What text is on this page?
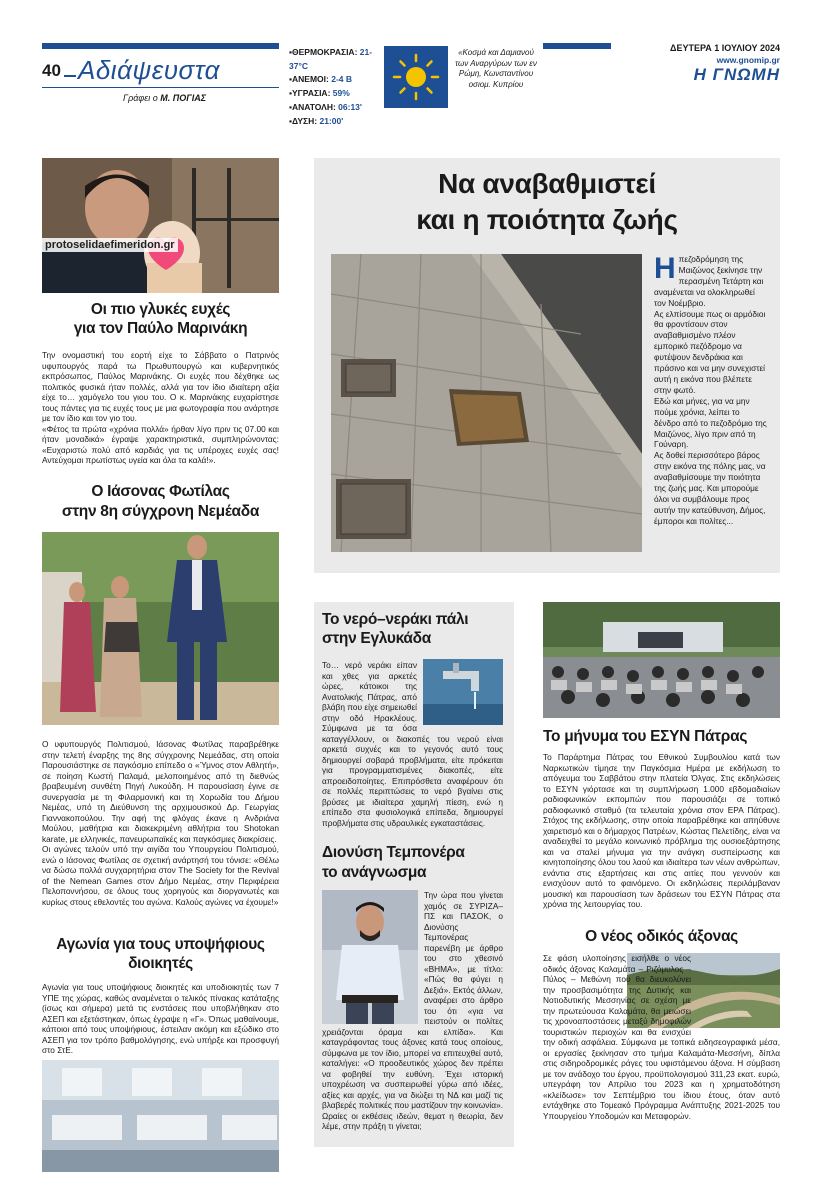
40 Αδιάψευστα
Γράφει ο Μ. ΠΟΓΙΑΣ
▪ΘΕΡΜΟΚΡΑΣΙΑ: 21-37°C
▪ΑΝΕΜΟΙ: 2-4 B
▪ΥΓΡΑΣΙΑ: 59%
▪ΑΝΑΤΟΛΗ: 06:13'
▪ΔΥΣΗ: 21:00'
«Κοσμά και Δαμιανού των Αναργύρων των εν Ρώμη, Κωνσταντίνου οσιομ. Κυπρίου
ΔΕΥΤΕΡΑ 1 ΙΟΥΛΙΟΥ 2024
www.gnomip.gr
Η ΓΝΩΜΗ
protoselidaefimeridon.gr
Οι πιο γλυκές ευχές
για τον Παύλο Μαρινάκη

Την ονομαστική του εορτή είχε το Σάββατο ο Πατρινός υφυπουργός παρά τω Πρωθυπουργώ και κυβερνητικός εκπρόσωπος, Παύλος Μαρινάκης. Οι ευχές που δέχθηκε ως πολιτικός φυσικά ήταν πολλές, αλλά για τον ίδιο ιδιαίτερη αξία είχε το… χαμόγελο του γιου του. Ο κ. Μαρινάκης ευχαρίστησε τους πάντες για τις ευχές τους με μια φωτογραφία που ανάρτησε με τον ίδιο και τον γιο του.

«Φέτος τα πρώτα «χρόνια πολλά» ήρθαν λίγο πριν τις 07.00 και ήταν μοναδικά» έγραψε χαρακτηριστικά, συμπληρώνοντας: «Ευχαριστώ πολύ από καρδιάς για τις υπέροχες ευχές σας! Αντεύχομαι πρωτίστως υγεία και όλα τα καλά!».

Ο Ιάσονας Φωτίλας
στην 8η σύγχρονη Νεμέαδα

Ο υφυπουργός Πολιτισμού, Ιάσονας Φωτίλας παραβρέθηκε στην τελετή έναρξης της 8ης σύγχρονης Νεμεάδας, στη οποία Παρουσιάστηκε σε παγκόσμιο επίπεδο ο «Ύμνος στον Αθλητή», σε ποίηση Κωστή Παλαμά, μελοποιημένος από τη διεθνώς βραβευμένη συνθέτη Πηγή Λυκούδη. Η παρουσίαση έγινε σε συνεργασία με τη Φιλαρμονική και τη Χορωδία του Δήμου Νεμέας, υπό τη Διεύθυνση της αρχιμουσικού Δρ. Γεωργίας Γιαννακοπούλου. Την αφή της φλόγας έκανε η Ανδριάνα Μούλου, μαθήτρια και διακεκριμένη αθλήτρια του Shotokan karate, με ελληνικές, πανευρωπαϊκές και παγκόσμιες διακρίσεις.

Οι αγώνες τελούν υπό την αιγίδα του Υπουργείου Πολιτισμού, ενώ ο Ιάσονας Φωτίλας σε σχετική ανάρτησή του τόνισε: «Θέλω να δώσω πολλά συγχαρητήρια στον The Society for the Revival of the Nemean Games στον Δήμο Νεμέας, στην Περιφέρεια Πελοποννήσου, σε όλους τους χορηγούς και διοργανωτές και κυρίως στους εθελοντές του αγώνα. Καλούς αγώνες να έχουμε!»

Αγωνία για τους υποψήφιους
διοικητές
Αγωνία για τους υποψήφιους διοικητές και υποδιοικητές των 7 ΥΠΕ της χώρας, καθώς αναμένεται ο τελικός πίνακας κατάταξης (ίσως και σήμερα) μετά τις ενστάσεις που υποβλήθηκαν στο ΑΣΕΠ και εξετάστηκαν, όπως έγραψε η «Γ». Όπως μαθαίνουμε, κάποιοι από τους υποψήφιους, έστειλαν ακόμη και εξώδικο στο ΑΣΕΠ για τον τρόπο βαθμολόγησης, ενώ υπήρξε και προσφυγή στο ΣτΕ.
Να αναβαθμιστεί
και η ποιότητα ζωής

Ηπεζοδρόμηση της Μαιζώνος ξεκίνησε την περασμένη Τετάρτη και αναμένεται να ολοκληρωθεί τον Νοέμβριο.

Ας ελπίσουμε πως οι αρμόδιοι θα φροντίσουν στον αναβαθμισμένο πλέον εμπορικό πεζόδρομο να φυτέψουν δενδράκια και πράσινο και να μην συνεχιστεί αυτή η εικόνα που βλέπετε στην φωτό.

Εδώ και μήνες, για να μην πούμε χρόνια, λείπει το δένδρο από το πεζοδρόμιο της Μαιζώνος, λίγο πριν από τη Γούναρη.

Ας δοθεί περισσότερο βάρος στην εικόνα της πόλης μας, να αναβαθμίσουμε την ποιότητα της ζωής μας. Και μπορούμε όλοι να συμβάλουμε προς αυτήν την κατεύθυνση, Δήμος, έμποροι και πολίτες...

Το νερό–νεράκι πάλι
στην Εγλυκάδα
Το… νερό νεράκι είπαν και χθες για αρκετές ώρες, κάτοικοι της Ανατολικής Πάτρας, από βλάβη που είχε σημειωθεί στην οδό Ηρακλέους. Σύμφωνα με τα όσα καταγγέλλουν, οι διακοπές του νερού είναι αρκετά συχνές και το γεγονός αυτό τους δημιουργεί σοβαρά προβλήματα, είτε πρόκειται για προγραμματισμένες διακοπές, είτε απροειδοποίητες. Επιπρόσθετα αναφέρουν ότι σε πολλές περιπτώσεις το νερό βγαίνει στις βρύσες με ιδιαίτερα χαμηλή πίεση, ενώ η επίπεδο στα φυσιολογικά επίπεδα, δημιουργεί προβλήματα στις υδραυλικές εγκαταστάσεις.
Διονύση Τεμπονέρα
το ανάγνωσμα
Την ώρα που γίνεται χαμός σε ΣΥΡΙΖΑ–ΠΣ και ΠΑΣΟΚ, ο Διονύσης Τεμπονέρας παρενέβη με άρθρο του στο χθεσινό «ΒΗΜΑ», με τίτλο: «Πώς θα φύγει η Δεξιά». Εκτός άλλων, αναφέρει στο άρθρο του ότι «για να πειστούν οι πολίτες χρειάζονται όραμα και ελπίδα». Και καταγράφοντας τους άξονες κατά τους οποίους, σύμφωνα με τον ίδιο, μπορεί να επιτευχθεί αυτό, καταλήγει: «Ο προοδευτικός χώρος δεν πρέπει να φοβηθεί την ευθύνη. Έχει ιστορική υποχρέωση να συσπειρωθεί γύρω από ιδέες, αξίες και αρχές, για να διώξει τη ΝΔ και μαζί τις βλαβερές πολιτικές που μαστίζουν την κοινωνία». Ωραίες οι εκθέσεις ιδεών, θεματ η θεωρία, δεν λέμε, στην πράξη τι γίνεται;
Το μήνυμα του ΕΣΥΝ Πάτρας
Το Παράρτημα Πάτρας του Εθνικού Συμβουλίου κατά των Ναρκωτικών τίμησε την Παγκόσμια Ημέρα με εκδήλωση το απόγευμα του Σαββάτου στην πλατεία Όλγας. Στις εκδηλώσεις το ΕΣΥΝ γιόρτασε και τη συμπλήρωση 1.000 εβδομαδιαίων ραδιοφωνικών εκπομπών που παρουσιάζει σε τοπικό ραδιοφωνικό σταθμό (τα τελευταία χρόνια στον ΕΡΑ Πάτρας). Στόχος της εκδήλωσης, στην οποία παραβρέθηκε και απηύθυνε χαιρετισμό και ο δήμαρχος Πατρέων, Κώστας Πελετίδης, είναι να αναδειχθεί το μεγάλο κοινωνικό πρόβλημα της ουσιοεξάρτησης και να σταλεί μήνυμα για την ανάγκη συσπείρωσης και κινητοποίησης όλου του λαού και ιδιαίτερα των νέων ανθρώπων, ενάντια στις εξαρτήσεις και στις αιτίες που γεννούν και ενισχύουν αυτό το φαινόμενο. Οι εκδηλώσεις περιλάμβαναν μουσική και παρουσίαση των δράσεων του ΕΣΥΝ Πάτρας στα χρόνια της λειτουργίας του.
Ο νέος οδικός άξονας
Σε φάση υλοποίησης εισήλθε ο νέος οδικός άξονας Καλαμάτα – Ριζόμυλος – Πύλος – Μεθώνη που θα διευκολύνει την προσβασιμότητα της Δυτικής και Νοτιοδυτικής Μεσσηνίας σε σχέση με την πρωτεύουσα Καλαμάτα, θα μειώσει τις χρονοαποστάσεις μεταξύ δημοφιλών τουριστικών περιοχών και θα ενισχύει την οδική ασφάλεια. Σύμφωνα με τοπικά ειδησεογραφικά μέσα, οι εργασίες ξεκίνησαν στο τμήμα Καλαμάτα-Μεσσήνη, δίπλα στις σιδηροδρομικές ράγες του υφιστάμενου άξονα. Η σύμβαση με τον ανάδοχο του έργου, προϋπολογισμού 311,23 εκατ. ευρώ, υπεγράφη τον Απρίλιο του 2023 και η χρηματοδότηση «κλείδωσε» τον Σεπτέμβριο του ίδιου έτους, όταν αυτό εντάχθηκε στο Τομεακό Πρόγραμμα Ανάπτυξης 2021-2025 του Υπουργείου Υποδομών και Μεταφορών.
